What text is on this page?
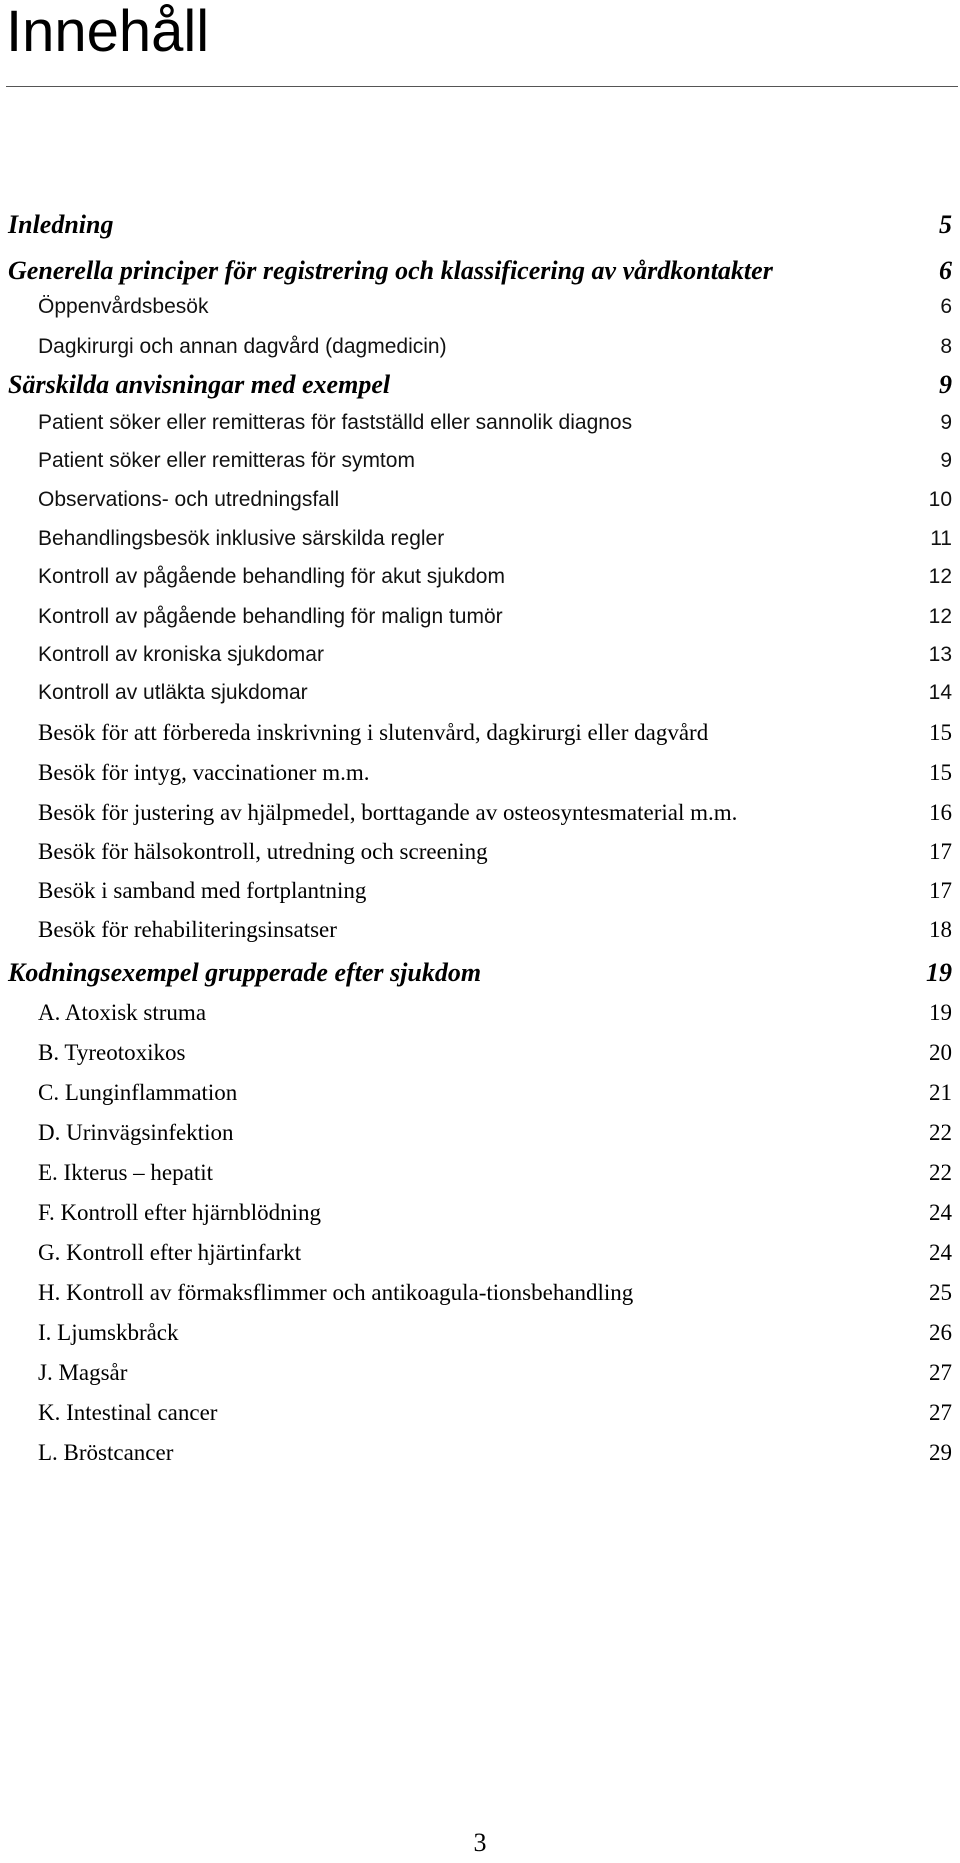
Innehåll
Inledning	5
Generella principer för registrering och klassificering av vårdkontakter	6
Öppenvårdsbesök	6
Dagkirurgi och annan dagvård (dagmedicin)	8
Särskilda anvisningar med exempel	9
Patient söker eller remitteras för fastställd eller sannolik diagnos	9
Patient söker eller remitteras för symtom	9
Observations- och utredningsfall	10
Behandlingsbesök inklusive särskilda regler	11
Kontroll av pågående behandling för akut sjukdom	12
Kontroll av pågående behandling för malign tumör	12
Kontroll av kroniska sjukdomar	13
Kontroll av utläkta sjukdomar	14
Besök för att förbereda inskrivning i slutenvård, dagkirurgi eller dagvård	15
Besök för intyg, vaccinationer m.m.	15
Besök för justering av hjälpmedel, borttagande av osteosyntesmaterial m.m.	16
Besök för hälsokontroll, utredning och screening	17
Besök i samband med fortplantning	17
Besök för rehabiliteringsinsatser	18
Kodningsexempel grupperade efter sjukdom	19
A. Atoxisk struma	19
B. Tyreotoxikos	20
C. Lunginflammation	21
D. Urinvägsinfektion	22
E. Ikterus – hepatit	22
F. Kontroll efter hjärnblödning	24
G. Kontroll efter hjärtinfarkt	24
H. Kontroll av förmaksflimmer och antikoagula-tionsbehandling	25
I. Ljumskbråck	26
J. Magsår	27
K. Intestinal cancer	27
L. Bröstcancer	29
3
